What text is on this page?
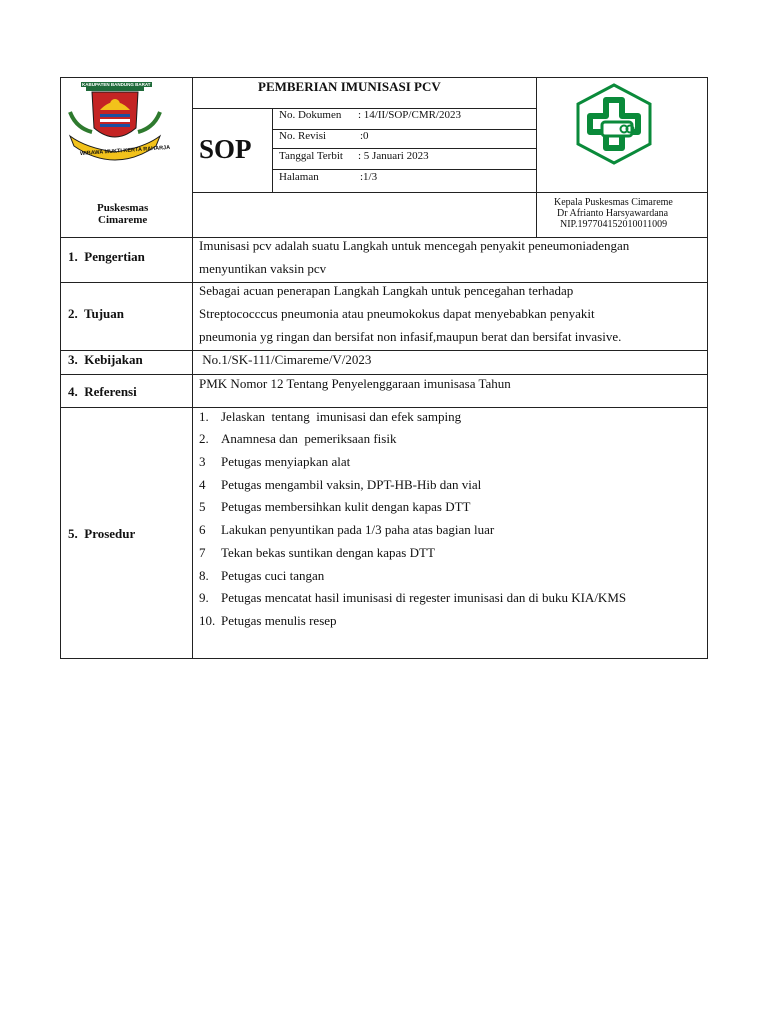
KABUPATEN BANDUNG BARAT
WIBAWA MUKTI KERTA RAHARJA
Puskesmas
Cimareme
PEMBERIAN IMUNISASI PCV
SOP
No. Dokumen : 14/II/SOP/CMR/2023
No. Revisi	:0
Tanggal Terbit : 5 Januari 2023
Halaman	:1/3
Kepala Puskesmas Cimareme
Dr Afrianto Harsyawardana
NIP.197704152010011009
1.  Pengertian
Imunisasi pcv adalah suatu Langkah untuk mencegah penyakit peneumoniadengan
menyuntikan vaksin pcv
2.  Tujuan
Sebagai acuan penerapan Langkah Langkah untuk pencegahan terhadap
Streptococccus pneumonia atau pneumokokus dapat menyebabkan penyakit
pneumonia yg ringan dan bersifat non infasif,maupun berat dan bersifat invasive.
3.  Kebijakan	No.1/SK-111/Cimareme/V/2023
4.  Referensi
PMK Nomor 12 Tentang Penyelenggaraan imunisasa Tahun
5.  Prosedur
1. Jelaskan  tentang  imunisasi dan efek samping
2. Anamnesa dan  pemeriksaan fisik
3 Petugas menyiapkan alat
4 Petugas mengambil vaksin, DPT-HB-Hib dan vial
5 Petugas membersihkan kulit dengan kapas DTT
6 Lakukan penyuntikan pada 1/3 paha atas bagian luar
7 Tekan bekas suntikan dengan kapas DTT
8. Petugas cuci tangan
9. Petugas mencatat hasil imunisasi di regester imunisasi dan di buku KIA/KMS
10. Petugas menulis resep
